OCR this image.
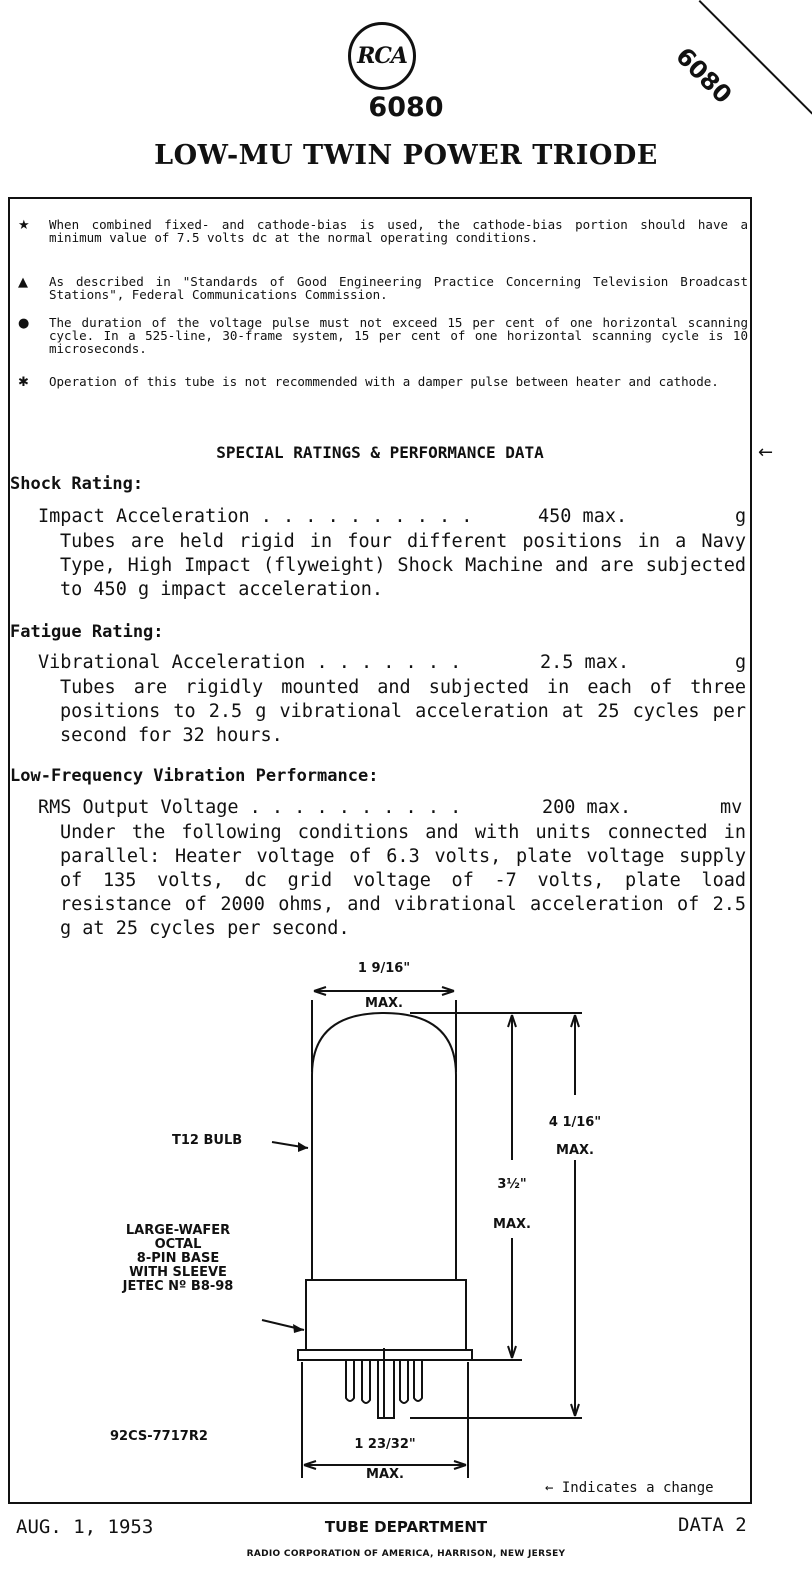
RCA
6080
LOW-MU TWIN POWER TRIODE
6080
★ When combined fixed- and cathode-bias is used, the cathode-bias portion should have a minimum value of 7.5 volts dc at the normal operating conditions.
▲ As described in "Standards of Good Engineering Practice Concerning Television Broadcast Stations", Federal Communications Commission.
● The duration of the voltage pulse must not exceed 15 per cent of one horizontal scanning cycle. In a 525-line, 30-frame system, 15 per cent of one horizontal scanning cycle is 10 microseconds.
✱ Operation of this tube is not recommended with a damper pulse between heater and cathode.
SPECIAL RATINGS & PERFORMANCE DATA	←
Shock Rating:
Impact Acceleration . . . . . . . . . .	450 max.	g
Tubes are held rigid in four different positions in a Navy Type, High Impact (flyweight) Shock Machine and are subjected to 450 g impact acceleration.
Fatigue Rating:
Vibrational Acceleration . . . . . . .	2.5 max.	g
Tubes are rigidly mounted and subjected in each of three positions to 2.5 g vibrational acceleration at 25 cycles per second for 32 hours.
Low-Frequency Vibration Performance:
RMS Output Voltage . . . . . . . . . .	200 max.	mv
Under the following conditions and with units connected in parallel: Heater voltage of 6.3 volts, plate voltage supply of 135 volts, dc grid voltage of -7 volts, plate load resistance of 2000 ohms, and vibrational acceleration of 2.5 g at 25 cycles per second.
1 9/16"
MAX.
T12 BULB
LARGE-WAFER
OCTAL
8-PIN BASE
WITH SLEEVE
JETEC Nº B8-98
3½"
MAX.
4 1/16"
MAX.
1 23/32"
MAX.
92CS-7717R2
← Indicates a change
AUG. 1, 1953	TUBE DEPARTMENT
RADIO CORPORATION OF AMERICA, HARRISON, NEW JERSEY
DATA 2
